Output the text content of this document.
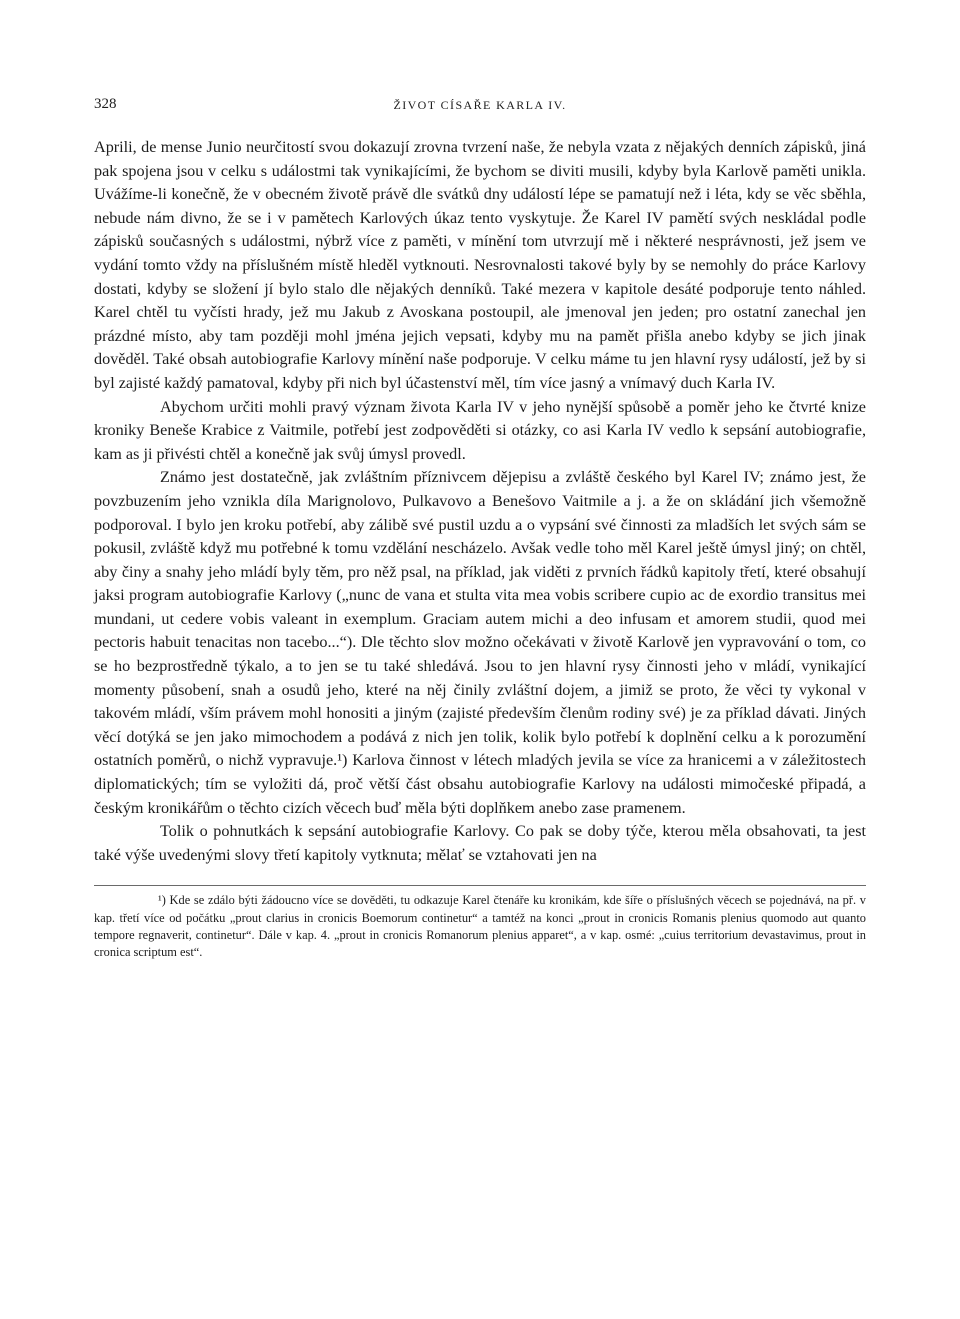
328	ŽIVOT CÍSAŘE KARLA IV.

Aprili, de mense Junio neurčitostí svou dokazují zrovna tvrzení naše, že nebyla vzata z nějakých denních zápisků, jiná pak spojena jsou v celku s událostmi tak vynikajícími, že bychom se diviti musili, kdyby byla Karlově paměti unikla. Uvážíme-li konečně, že v obecném životě právě dle svátků dny událostí lépe se pamatují než i léta, kdy se věc sběhla, nebude nám divno, že se i v pamětech Karlových úkaz tento vyskytuje. Že Karel IV pamětí svých neskládal podle zápisků současných s událostmi, nýbrž více z paměti, v mínění tom utvrzují mě i některé nesprávnosti, jež jsem ve vydání tomto vždy na příslušném místě hleděl vytknouti. Nesrovnalosti takové byly by se nemohly do práce Karlovy dostati, kdyby se složení jí bylo stalo dle nějakých denníků. Také mezera v kapitole desáté podporuje tento náhled. Karel chtěl tu vyčísti hrady, jež mu Jakub z Avoskana postoupil, ale jmenoval jen jeden; pro ostatní zanechal jen prázdné místo, aby tam později mohl jména jejich vepsati, kdyby mu na pamět přišla anebo kdyby se jich jinak dověděl. Také obsah autobiografie Karlovy mínění naše podporuje. V celku máme tu jen hlavní rysy událostí, jež by si byl zajisté každý pamatoval, kdyby při nich byl účastenství měl, tím více jasný a vnímavý duch Karla IV.

Abychom určiti mohli pravý význam života Karla IV v jeho nynější spůsobě a poměr jeho ke čtvrté knize kroniky Beneše Krabice z Vaitmile, potřebí jest zodpověděti si otázky, co asi Karla IV vedlo k sepsání autobiografie, kam as ji přivésti chtěl a konečně jak svůj úmysl provedl.

Známo jest dostatečně, jak zvláštním příznivcem dějepisu a zvláště českého byl Karel IV; známo jest, že povzbuzením jeho vznikla díla Marignolovo, Pulkavovo a Benešovo Vaitmile a j. a že on skládání jich všemožně podporoval. I bylo jen kroku potřebí, aby zálibě své pustil uzdu a o vypsání své činnosti za mladších let svých sám se pokusil, zvláště když mu potřebné k tomu vzdělání nescházelo. Avšak vedle toho měl Karel ještě úmysl jiný; on chtěl, aby činy a snahy jeho mládí byly těm, pro něž psal, na příklad, jak viděti z prvních řádků kapitoly třetí, které obsahují jaksi program autobiografie Karlovy („nunc de vana et stulta vita mea vobis scribere cupio ac de exordio transitus mei mundani, ut cedere vobis valeant in exemplum. Graciam autem michi a deo infusam et amorem studii, quod mei pectoris habuit tenacitas non tacebo...“). Dle těchto slov možno očekávati v životě Karlově jen vypravování o tom, co se ho bezprostředně týkalo, a to jen se tu také shledává. Jsou to jen hlavní rysy činnosti jeho v mládí, vynikající momenty působení, snah a osudů jeho, které na něj činily zvláštní dojem, a jimiž se proto, že věci ty vykonal v takovém mládí, vším právem mohl honositi a jiným (zajisté především členům rodiny své) je za příklad dávati. Jiných věcí dotýká se jen jako mimochodem a podává z nich jen tolik, kolik bylo potřebí k doplnění celku a k porozumění ostatních poměrů, o nichž vypravuje.¹) Karlova činnost v létech mladých jevila se více za hranicemi a v záležitostech diplomatických; tím se vyložiti dá, proč větší část obsahu autobiografie Karlovy na události mimočeské připadá, a českým kronikářům o těchto cizích věcech buď měla býti doplňkem anebo zase pramenem.

Tolik o pohnutkách k sepsání autobiografie Karlovy. Co pak se doby týče, kterou měla obsahovati, ta jest také výše uvedenými slovy třetí kapitoly vytknuta; mělať se vztahovati jen na

¹) Kde se zdálo býti žádoucno více se dověděti, tu odkazuje Karel čtenáře ku kronikám, kde šíře o příslušných věcech se pojednává, na př. v kap. třetí více od počátku „prout clarius in cronicis Boemorum continetur“ a tamtéž na konci „prout in cronicis Romanis plenius quomodo aut quanto tempore regnaverit, continetur“. Dále v kap. 4. „prout in cronicis Romanorum plenius apparet“, a v kap. osmé: „cuius territorium devastavimus, prout in cronica scriptum est“.
